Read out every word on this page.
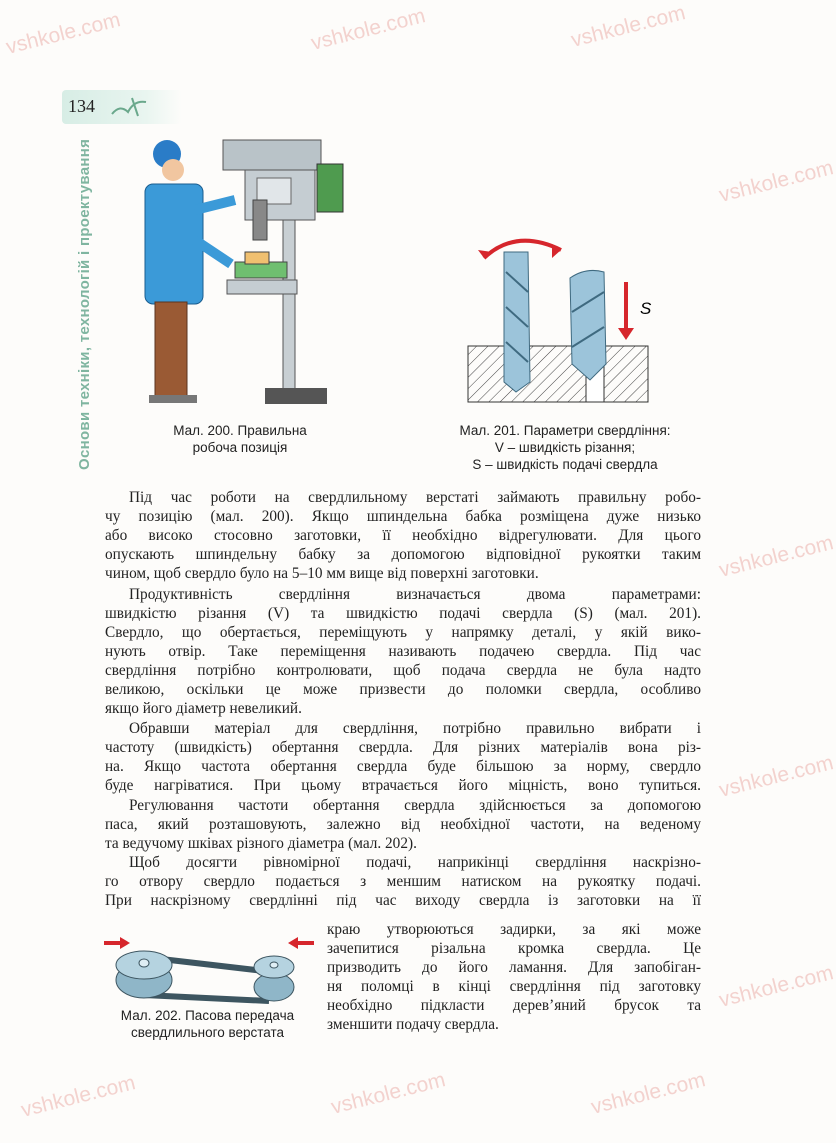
vshkole.com	vshkole.com	vshkole.com
vshkole.com
vshkole.com
vshkole.com
vshkole.com
vshkole.com	vshkole.com	vshkole.com
134
Основи техніки, технологій і проектування	Мал. 200. Правильна
робоча позиція
S
Мал. 201. Параметри свердління:
V – швидкість різання;
S – швидкість подачі свердла
Під час роботи на свердлильному верстаті займають правильну робо-
чу позицію (мал. 200). Якщо шпиндельна бабка розміщена дуже низько
або високо стосовно заготовки, її необхідно відрегулювати. Для цього
опускають шпиндельну бабку за допомогою відповідної рукоятки таким
чином, щоб свердло було на 5–10 мм вище від поверхні заготовки.
Продуктивність свердління визначається двома параметрами:
швидкістю різання (V) та швидкістю подачі свердла (S) (мал. 201).
Свердло, що обертається, переміщують у напрямку деталі, у якій вико-
нують отвір. Таке переміщення називають подачею свердла. Під час
свердління потрібно контролювати, щоб подача свердла не була надто
великою, оскільки це може призвести до поломки свердла, особливо
якщо його діаметр невеликий.
Обравши матеріал для свердління, потрібно правильно вибрати і
частоту (швидкість) обертання свердла. Для різних матеріалів вона різ-
на. Якщо частота обертання свердла буде більшою за норму, свердло
буде нагріватися. При цьому втрачається його міцність, воно тупиться.
Регулювання частоти обертання свердла здійснюється за допомогою
паса, який розташовують, залежно від необхідної частоти, на веденому
та ведучому шківах різного діаметра (мал. 202).
Щоб досягти рівномірної подачі, наприкінці свердління наскрізно-
го отвору свердло подається з меншим натиском на рукоятку подачі.
При наскрізному свердлінні під час виходу свердла із заготовки на її
краю утворюються задирки, за які може
зачепитися різальна кромка свердла. Це
призводить до його ламання. Для запобіган-
ня поломці в кінці свердління під заготовку
необхідно підкласти дерев’яний брусок та
зменшити подачу свердла.
Мал. 202. Пасова передача
свердлильного верстата
